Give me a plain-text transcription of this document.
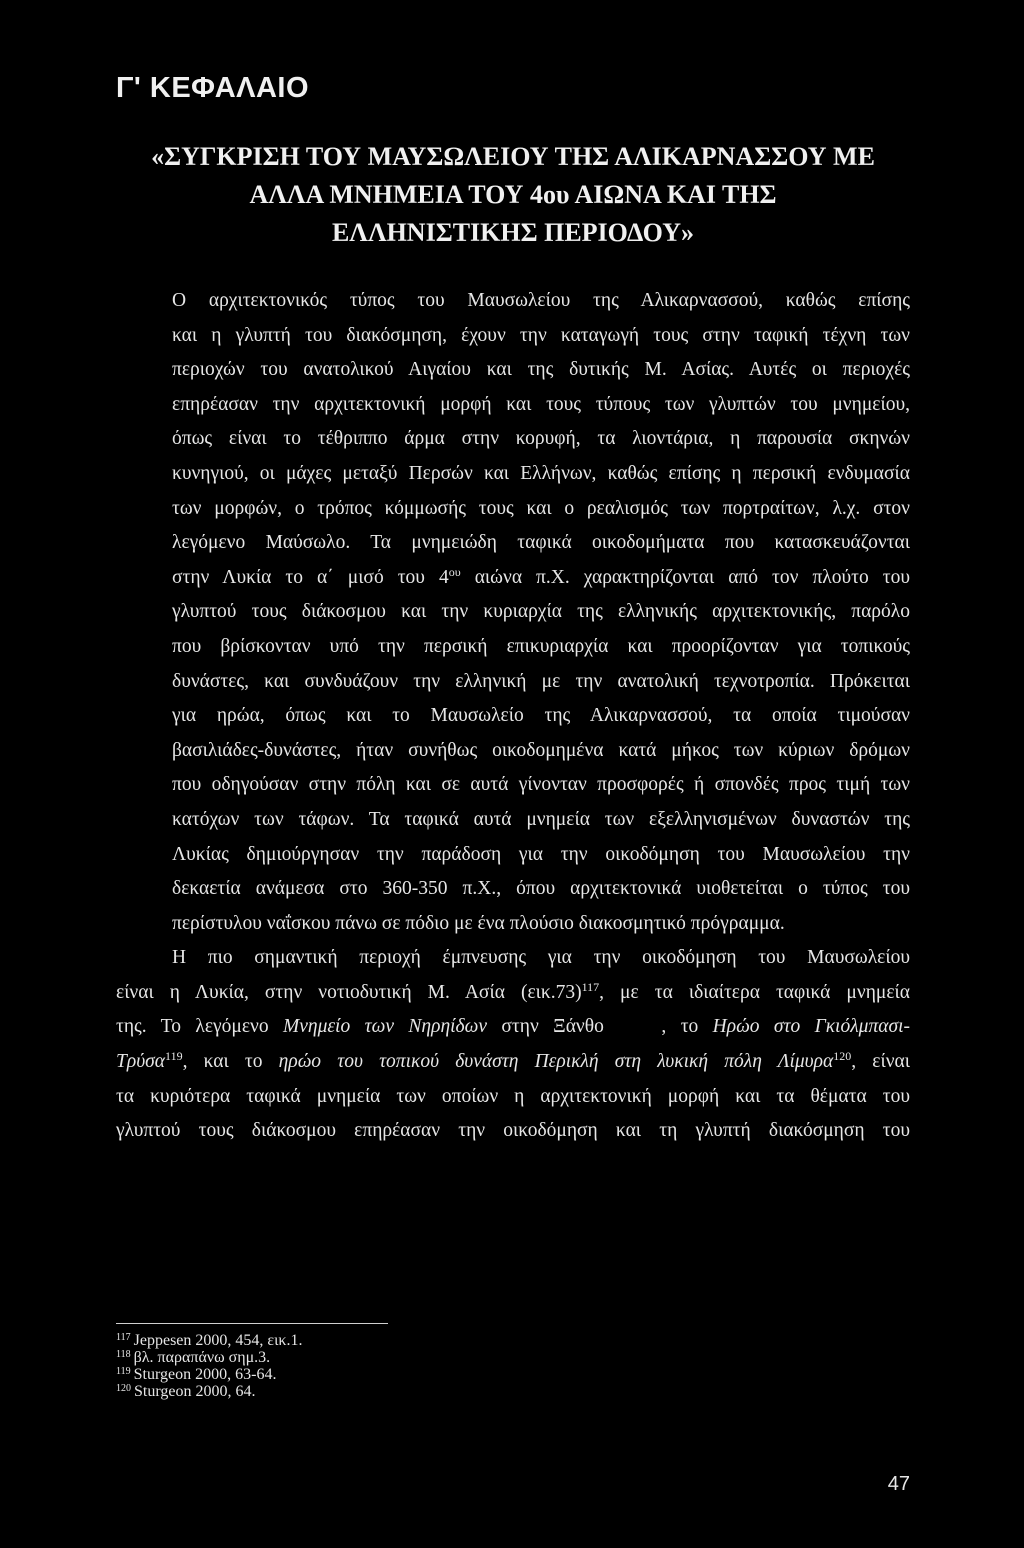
Γ' ΚΕΦΑΛΑΙΟ
«ΣΥΓΚΡΙΣΗ ΤΟΥ ΜΑΥΣΩΛΕΙΟΥ ΤΗΣ ΑΛΙΚΑΡΝΑΣΣΟΥ ΜΕ
ΑΛΛΑ ΜΝΗΜΕΙΑ ΤΟΥ 4ου ΑΙΩΝΑ ΚΑΙ ΤΗΣ
ΕΛΛΗΝΙΣΤΙΚΗΣ ΠΕΡΙΟΔΟΥ»

Ο αρχιτεκτονικός τύπος του Μαυσωλείου της Αλικαρνασσού, καθώς επίσης
και η γλυπτή του διακόσμηση, έχουν την καταγωγή τους στην ταφική τέχνη των
περιοχών του ανατολικού Αιγαίου και της δυτικής Μ. Ασίας. Αυτές οι περιοχές
επηρέασαν την αρχιτεκτονική μορφή και τους τύπους των γλυπτών του μνημείου,
όπως είναι το τέθριππο άρμα στην κορυφή, τα λιοντάρια, η παρουσία σκηνών
κυνηγιού, οι μάχες μεταξύ Περσών και Ελλήνων, καθώς επίσης η περσική ενδυμασία
των μορφών, ο τρόπος κόμμωσής τους και ο ρεαλισμός των πορτραίτων, λ.χ. στον
λεγόμενο Μαύσωλο. Τα μνημειώδη ταφικά οικοδομήματα που κατασκευάζονται
στην Λυκία το α΄ μισό του $4^{o\upsilon}$ αιώνα π.Χ. χαρακτηρίζονται από τον πλούτο του
γλυπτού τους διάκοσμου και την κυριαρχία της ελληνικής αρχιτεκτονικής, παρόλο
που βρίσκονταν υπό την περσική επικυριαρχία και προορίζονταν για τοπικούς
δυνάστες, και συνδυάζουν την ελληνική με την ανατολική τεχνοτροπία. Πρόκειται
για ηρώα, όπως και το Μαυσωλείο της Αλικαρνασσού, τα οποία τιμούσαν
βασιλιάδες-δυνάστες, ήταν συνήθως οικοδομημένα κατά μήκος των κύριων δρόμων
που οδηγούσαν στην πόλη και σε αυτά γίνονταν προσφορές ή σπονδές προς τιμή των
κατόχων των τάφων. Τα ταφικά αυτά μνημεία των εξελληνισμένων δυναστών της
Λυκίας δημιούργησαν την παράδοση για την οικοδόμηση του Μαυσωλείου την
δεκαετία ανάμεσα στο 360-350 π.Χ., όπου αρχιτεκτονικά υιοθετείται ο τύπος του
περίστυλου ναΐσκου πάνω σε πόδιο με ένα πλούσιο διακοσμητικό πρόγραμμα.

Η πιο σημαντική περιοχή έμπνευσης για την οικοδόμηση του Μαυσωλείου
είναι η Λυκία, στην νοτιοδυτική Μ. Ασία $(\varepsilon\iota\kappa.73)^{117}$, με τα ιδιαίτερα ταφικά μνημεία
της. Το λεγόμενο Μνημείο των Νηρηίδων στην Ξάνθο    , το Ηρώο στο Γκιόλμπασι-
Τρύσα$^{119}$, και το ηρώο του τοπικού δυνάστη Περικλή στη λυκική πόλη Λίμυρα$^{120}$, είναι
τα κυριότερα ταφικά μνημεία των οποίων η αρχιτεκτονική μορφή και τα θέματα του
γλυπτού τους διάκοσμου επηρέασαν την οικοδόμηση και τη γλυπτή διακόσμηση του

$^{117}$ Jeppesen 2000, 454, εικ.1.
$^{118}$ βλ. παραπάνω σημ.3.
$^{119}$ Sturgeon 2000, 63-64.
$^{120}$ Sturgeon 2000, 64.
47
